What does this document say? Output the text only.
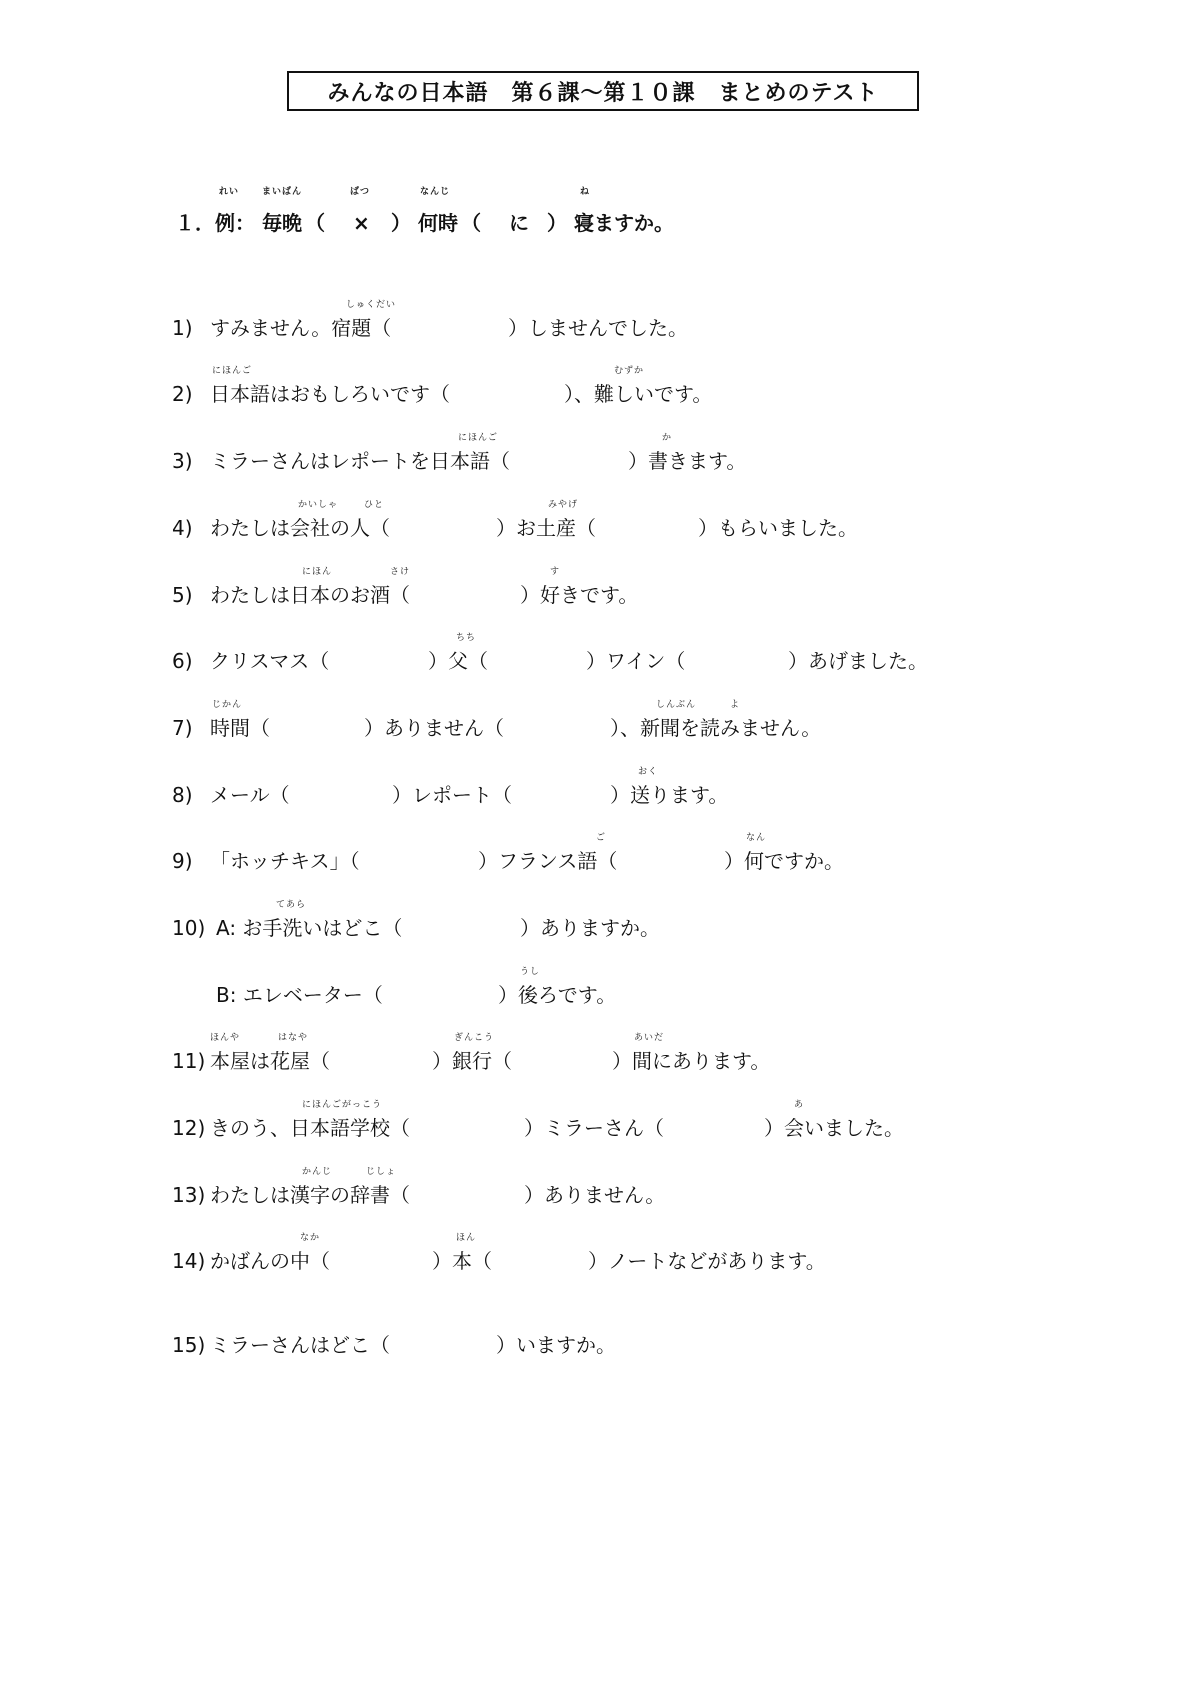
みんなの日本語　第６課〜第１０課　まとめのテスト
１． 例： 毎晩 （ × ） 何時 （ に ） 寝ますか。
れい	まいばん	ばつ	なんじ	ね
1) すみません。宿題（	）しませんでした。
しゅくだい
2) 日本語はおもしろいです（	）、難しいです。
にほんご	むずか
3) ミラーさんはレポートを日本語（	）書きます。
にほんご	か
4) わたしは会社の人（	）お土産（	）もらいました。
かいしゃ	ひと	みやげ
5) わたしは日本のお酒（	）好きです。
にほん	さけ	す
6) クリスマス（	）父（	）ワイン（	）あげました。
ちち
7) 時間（	）ありません（	）、新聞を読みません。
じかん	しんぶん	よ
8) メール（	）レポート（	）送ります。
おく
9) 「ホッチキス」（	）フランス語（	）何ですか。
ご	なん
10) A: お手洗いはどこ（	）ありますか。
てあら
B: エレベーター（	）後ろです。
うし
11) 本屋は花屋（	）銀行（	）間にあります。
ほんや	はなや	ぎんこう	あいだ
12) きのう、日本語学校（	）ミラーさん（	）会いました。
にほんごがっこう	あ
13) わたしは漢字の辞書（	）ありません。
かんじ	じしょ
14) かばんの中（	）本（	）ノートなどがあります。
なか	ほん
15) ミラーさんはどこ（	）いますか。
